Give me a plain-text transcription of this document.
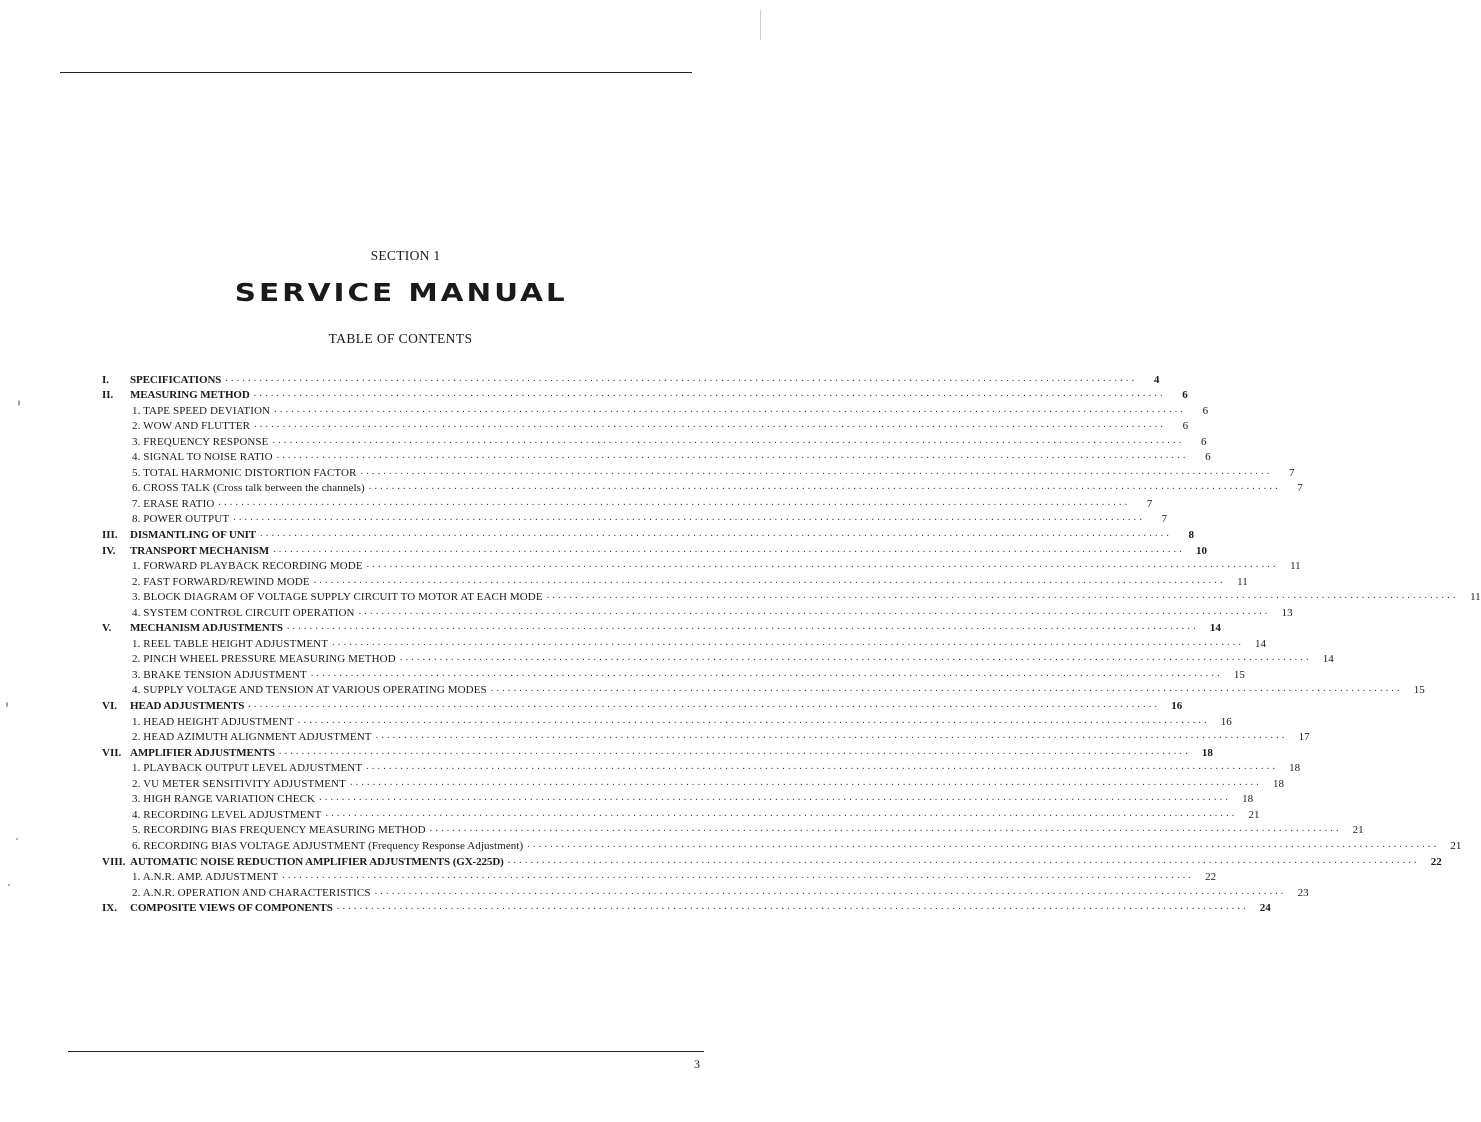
SECTION 1
SERVICE MANUAL
TABLE OF CONTENTS
I.	SPECIFICATIONS ................................................................................................................................................................	4
II.	MEASURING METHOD ................................................................................................................................................................	6
1. TAPE SPEED DEVIATION ................................................................................................................................................................	6
2. WOW AND FLUTTER ................................................................................................................................................................	6
3. FREQUENCY RESPONSE ................................................................................................................................................................	6
4. SIGNAL TO NOISE RATIO ................................................................................................................................................................	6
5. TOTAL HARMONIC DISTORTION FACTOR ................................................................................................................................................................	7
6. CROSS TALK (Cross talk between the channels) ................................................................................................................................................................	7
7. ERASE RATIO ................................................................................................................................................................	7
8. POWER OUTPUT ................................................................................................................................................................	7
III.	DISMANTLING OF UNIT ................................................................................................................................................................	8
IV.	TRANSPORT MECHANISM ................................................................................................................................................................	10
1. FORWARD PLAYBACK RECORDING MODE ................................................................................................................................................................	11
2. FAST FORWARD/REWIND MODE ................................................................................................................................................................	11
3. BLOCK DIAGRAM OF VOLTAGE SUPPLY CIRCUIT TO MOTOR AT EACH MODE ................................................................................................................................................................	11
4. SYSTEM CONTROL CIRCUIT OPERATION ................................................................................................................................................................	13
V.	MECHANISM ADJUSTMENTS ................................................................................................................................................................	14
1. REEL TABLE HEIGHT ADJUSTMENT ................................................................................................................................................................	14
2. PINCH WHEEL PRESSURE MEASURING METHOD ................................................................................................................................................................	14
3. BRAKE TENSION ADJUSTMENT ................................................................................................................................................................	15
4. SUPPLY VOLTAGE AND TENSION AT VARIOUS OPERATING MODES ................................................................................................................................................................	15
VI.	HEAD ADJUSTMENTS ................................................................................................................................................................	16
1. HEAD HEIGHT ADJUSTMENT ................................................................................................................................................................	16
2. HEAD AZIMUTH ALIGNMENT ADJUSTMENT ................................................................................................................................................................	17
VII. AMPLIFIER ADJUSTMENTS ................................................................................................................................................................	18
1. PLAYBACK OUTPUT LEVEL ADJUSTMENT ................................................................................................................................................................	18
2. VU METER SENSITIVITY ADJUSTMENT ................................................................................................................................................................	18
3. HIGH RANGE VARIATION CHECK ................................................................................................................................................................	18
4. RECORDING LEVEL ADJUSTMENT ................................................................................................................................................................	21
5. RECORDING BIAS FREQUENCY MEASURING METHOD ................................................................................................................................................................	21
6. RECORDING BIAS VOLTAGE ADJUSTMENT (Frequency Response Adjustment) ................................................................................................................................................................	21
VIII. AUTOMATIC NOISE REDUCTION AMPLIFIER ADJUSTMENTS (GX-225D) ................................................................................................................................................................	22
1. A.N.R. AMP. ADJUSTMENT ................................................................................................................................................................	22
2. A.N.R. OPERATION AND CHARACTERISTICS ................................................................................................................................................................	23
IX.	COMPOSITE VIEWS OF COMPONENTS ................................................................................................................................................................	24
3
